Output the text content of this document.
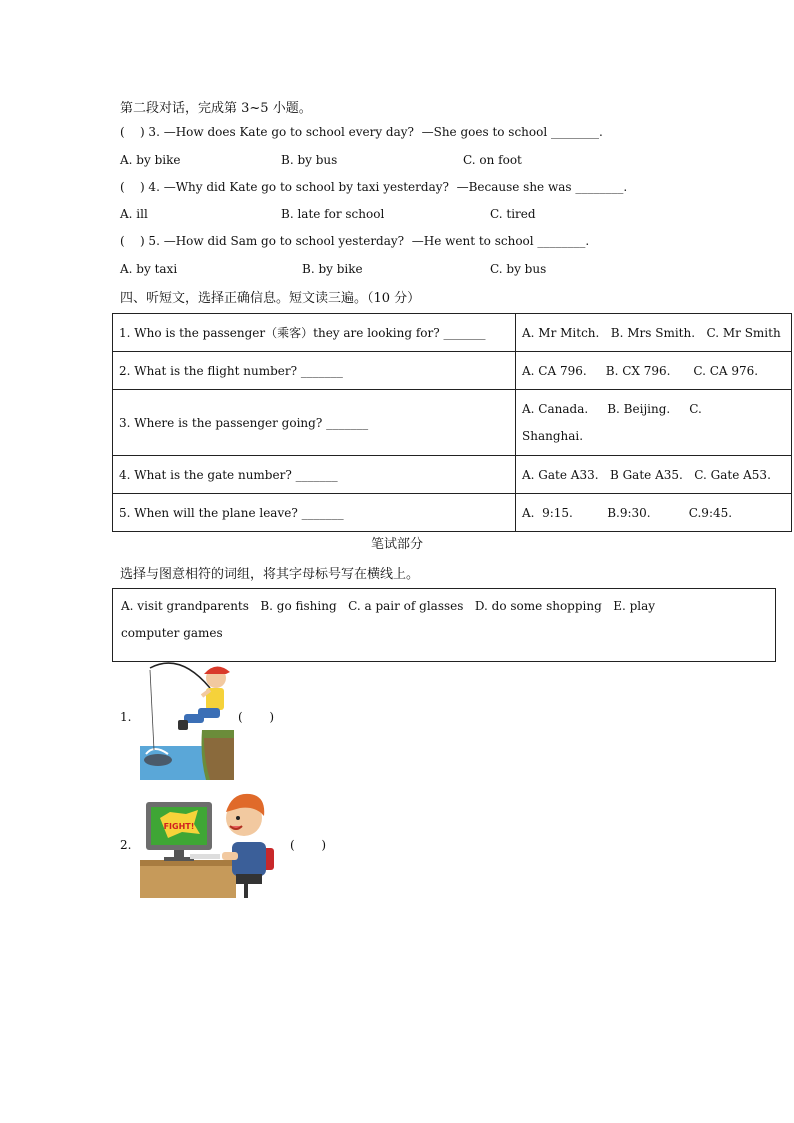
第二段对话，完成第 3~5 小题。
(    ) 3. —How does Kate go to school every day?  —She goes to school ________.
A. by bike	B. by bus	C. on foot
(    ) 4. —Why did Kate go to school by taxi yesterday?  —Because she was ________.
A. ill	B. late for school	C. tired
(    ) 5. —How did Sam go to school yesterday?  —He went to school ________.
A. by taxi	B. by bike	C. by bus
四、听短文，选择正确信息。短文读三遍。（10 分）
1. Who is the passenger（乘客）they are looking for? _______	A. Mr Mitch.   B. Mrs Smith.   C. Mr Smith
2. What is the flight number? _______	A. CA 796.     B. CX 796.      C. CA 976.
3. Where is the passenger going? _______	A. Canada.     B. Beijing.     C.
Shanghai.

4. What is the gate number? _______	A. Gate A33.   B Gate A35.   C. Gate A53.
5. When will the plane leave? _______	A.  9:15.         B.9:30.          C.9:45.
笔试部分
选择与图意相符的词组，将其字母标号写在横线上。
A. visit grandparents   B. go fishing   C. a pair of glasses   D. do some shopping   E. play
computer games
1.	(       )
2.
FIGHT!
(       )
